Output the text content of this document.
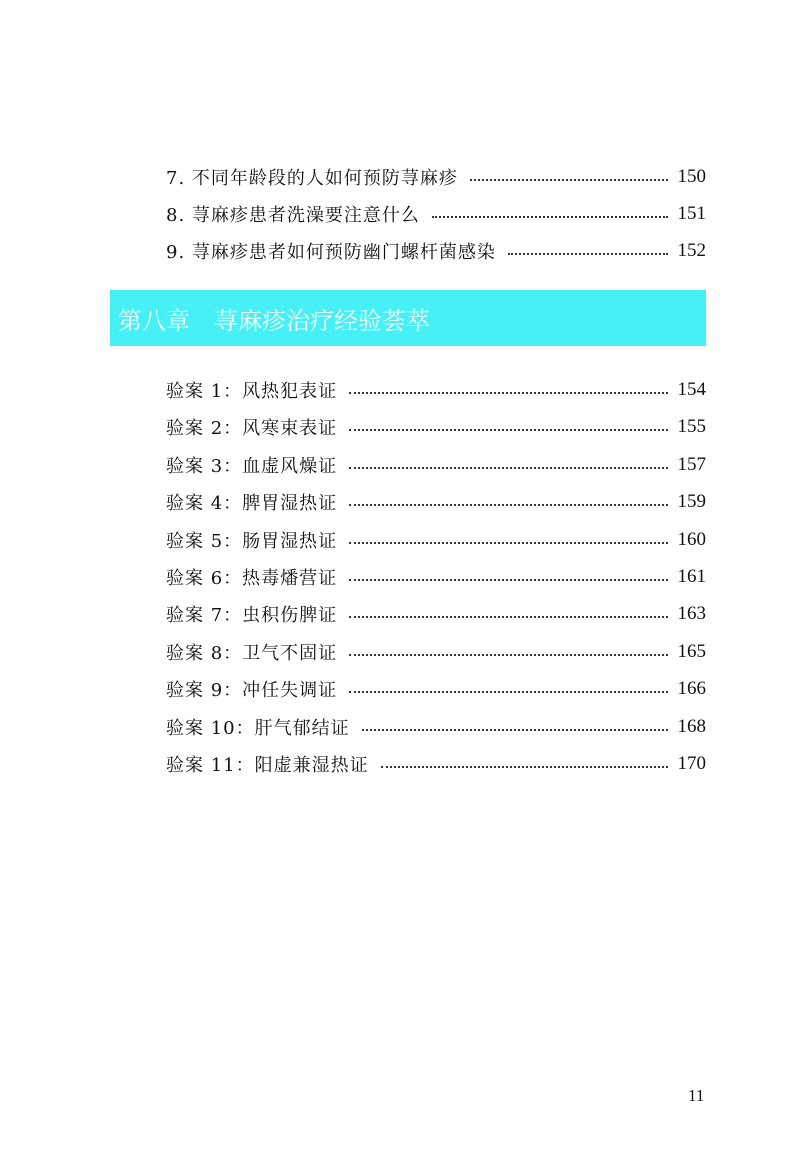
7. 不同年龄段的人如何预防荨麻疹	150
8. 荨麻疹患者洗澡要注意什么	151
9. 荨麻疹患者如何预防幽门螺杆菌感染	152
第八章　荨麻疹治疗经验荟萃
验案 1：风热犯表证	154
验案 2：风寒束表证	155
验案 3：血虚风燥证	157
验案 4：脾胃湿热证	159
验案 5：肠胃湿热证	160
验案 6：热毒燔营证	161
验案 7：虫积伤脾证	163
验案 8：卫气不固证	165
验案 9：冲任失调证	166
验案 10：肝气郁结证	168
验案 11：阳虚兼湿热证	170
11
